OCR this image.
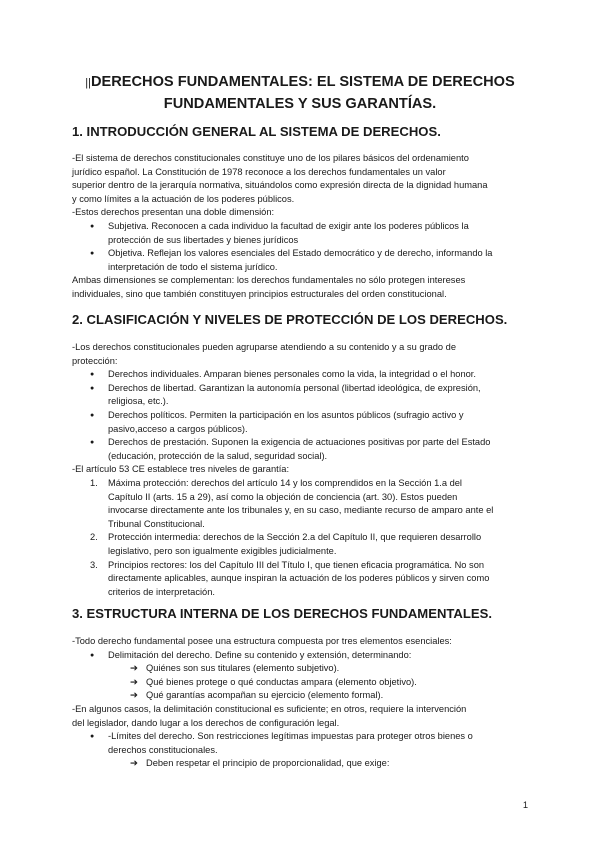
||DERECHOS FUNDAMENTALES: EL SISTEMA DE DERECHOS
FUNDAMENTALES Y SUS GARANTÍAS.
1. INTRODUCCIÓN GENERAL AL SISTEMA DE DERECHOS.
-El sistema de derechos constitucionales constituye uno de los pilares básicos del ordenamiento
jurídico español. La Constitución de 1978 reconoce a los derechos fundamentales un valor
superior dentro de la jerarquía normativa, situándolos como expresión directa de la dignidad humana
y como límites a la actuación de los poderes públicos.
-Estos derechos presentan una doble dimensión:
● Subjetiva. Reconocen a cada individuo la facultad de exigir ante los poderes públicos la
protección de sus libertades y bienes jurídicos
● Objetiva. Reflejan los valores esenciales del Estado democrático y de derecho, informando la
interpretación de todo el sistema jurídico.
Ambas dimensiones se complementan: los derechos fundamentales no sólo protegen intereses
individuales, sino que también constituyen principios estructurales del orden constitucional.
2. CLASIFICACIÓN Y NIVELES DE PROTECCIÓN DE LOS DERECHOS.
-Los derechos constitucionales pueden agruparse atendiendo a su contenido y a su grado de
protección:
● Derechos individuales. Amparan bienes personales como la vida, la integridad o el honor.
● Derechos de libertad. Garantizan la autonomía personal (libertad ideológica, de expresión,
religiosa, etc.).
● Derechos políticos. Permiten la participación en los asuntos públicos (sufragio activo y
pasivo,acceso a cargos públicos).
● Derechos de prestación. Suponen la exigencia de actuaciones positivas por parte del Estado
(educación, protección de la salud, seguridad social).
-El artículo 53 CE establece tres niveles de garantía:
1. Máxima protección: derechos del artículo 14 y los comprendidos en la Sección 1.a del
Capítulo II (arts. 15 a 29), así como la objeción de conciencia (art. 30). Estos pueden
invocarse directamente ante los tribunales y, en su caso, mediante recurso de amparo ante el
Tribunal Constitucional.
2. Protección intermedia: derechos de la Sección 2.a del Capítulo II, que requieren desarrollo
legislativo, pero son igualmente exigibles judicialmente.
3. Principios rectores: los del Capítulo III del Título I, que tienen eficacia programática. No son
directamente aplicables, aunque inspiran la actuación de los poderes públicos y sirven como
criterios de interpretación.
3. ESTRUCTURA INTERNA DE LOS DERECHOS FUNDAMENTALES.
-Todo derecho fundamental posee una estructura compuesta por tres elementos esenciales:
● Delimitación del derecho. Define su contenido y extensión, determinando:
➔ Quiénes son sus titulares (elemento subjetivo).
➔ Qué bienes protege o qué conductas ampara (elemento objetivo).
➔ Qué garantías acompañan su ejercicio (elemento formal).
-En algunos casos, la delimitación constitucional es suficiente; en otros, requiere la intervención
del legislador, dando lugar a los derechos de configuración legal.
● -Límites del derecho. Son restricciones legítimas impuestas para proteger otros bienes o
derechos constitucionales.
➔ Deben respetar el principio de proporcionalidad, que exige:
1
